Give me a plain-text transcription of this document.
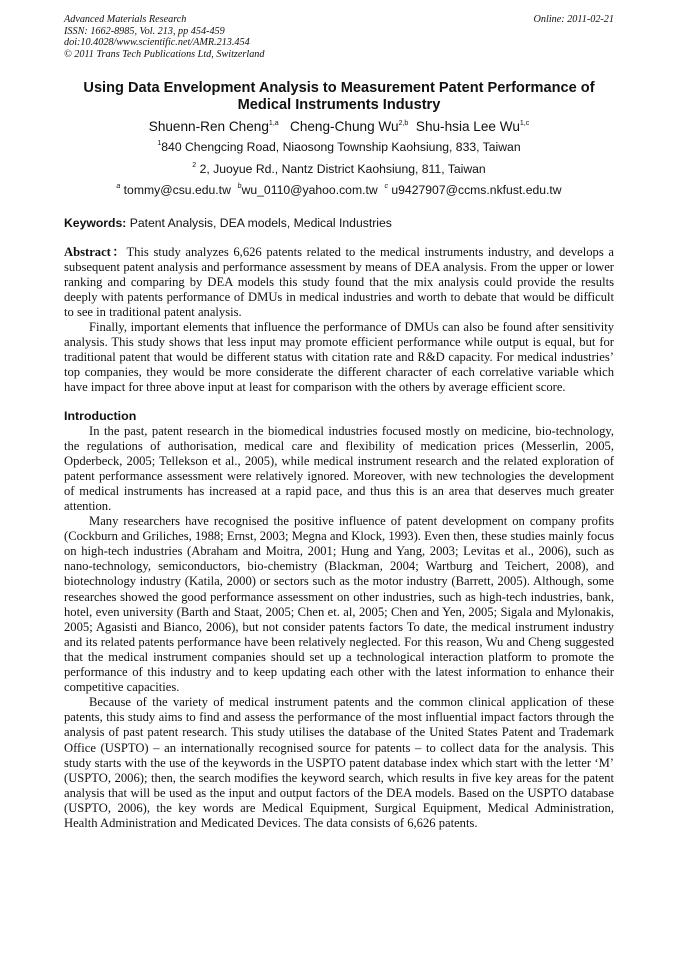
Advanced Materials Research
ISSN: 1662-8985, Vol. 213, pp 454-459
doi:10.4028/www.scientific.net/AMR.213.454
© 2011 Trans Tech Publications Ltd, Switzerland
Online: 2011-02-21
Using Data Envelopment Analysis to Measurement Patent Performance of Medical Instruments Industry
Shuenn-Ren Cheng$^{1,a}$ Cheng-Chung Wu$^{2,b}$ Shu-hsia Lee Wu$^{1,c}$
$^1$840 Chengcing Road, Niaosong Township Kaohsiung, 833, Taiwan
$^2$ 2, Juoyue Rd., Nantz District Kaohsiung, 811, Taiwan
$^a$ tommy@csu.edu.tw $^b$wu_0110@yahoo.com.tw $^c$ u9427907@ccms.nkfust.edu.tw
Keywords: Patent Analysis, DEA models, Medical Industries

Abstract：This study analyzes 6,626 patents related to the medical instruments industry, and develops a subsequent patent analysis and performance assessment by means of DEA analysis. From the upper or lower ranking and comparing by DEA models this study found that the mix analysis could provide the results deeply with patents performance of DMUs in medical industries and worth to debate that would be difficult to see in traditional patent analysis.

Finally, important elements that influence the performance of DMUs can also be found after sensitivity analysis. This study shows that less input may promote efficient performance while output is equal, but for traditional patent that would be different status with citation rate and R&D capacity. For medical industries’ top companies, they would be more considerate the different character of each correlative variable which have impact for three above input at least for comparison with the others by average efficient score.

Introduction

In the past, patent research in the biomedical industries focused mostly on medicine, bio-technology, the regulations of authorisation, medical care and flexibility of medication prices (Messerlin, 2005, Opderbeck, 2005; Tellekson et al., 2005), while medical instrument research and the related exploration of patent performance assessment were relatively ignored. Moreover, with new technologies the development of medical instruments has increased at a rapid pace, and thus this is an area that deserves much greater attention.

Many researchers have recognised the positive influence of patent development on company profits (Cockburn and Griliches, 1988; Ernst, 2003; Megna and Klock, 1993). Even then, these studies mainly focus on high-tech industries (Abraham and Moitra, 2001; Hung and Yang, 2003; Levitas et al., 2006), such as nano-technology, semiconductors, bio-chemistry (Blackman, 2004; Wartburg and Teichert, 2008), and biotechnology industry (Katila, 2000) or sectors such as the motor industry (Barrett, 2005). Although, some researches showed the good performance assessment on other industries, such as high-tech industries, bank, hotel, even university (Barth and Staat, 2005; Chen et. al, 2005; Chen and Yen, 2005; Sigala and Mylonakis, 2005; Agasisti and Bianco, 2006), but not consider patents factors To date, the medical instrument industry and its related patents performance have been relatively neglected. For this reason, Wu and Cheng suggested that the medical instrument companies should set up a technological interaction platform to promote the performance of this industry and to keep updating each other with the latest information to enhance their competitive capacities.

Because of the variety of medical instrument patents and the common clinical application of these patents, this study aims to find and assess the performance of the most influential impact factors through the analysis of past patent research. This study utilises the database of the United States Patent and Trademark Office (USPTO) – an internationally recognised source for patents – to collect data for the analysis. This study starts with the use of the keywords in the USPTO patent database index which start with the letter ‘M’ (USPTO, 2006); then, the search modifies the keyword search, which results in five key areas for the patent analysis that will be used as the input and output factors of the DEA models. Based on the USPTO database (USPTO, 2006), the key words are Medical Equipment, Surgical Equipment, Medical Administration, Health Administration and Medicated Devices. The data consists of 6,626 patents.
